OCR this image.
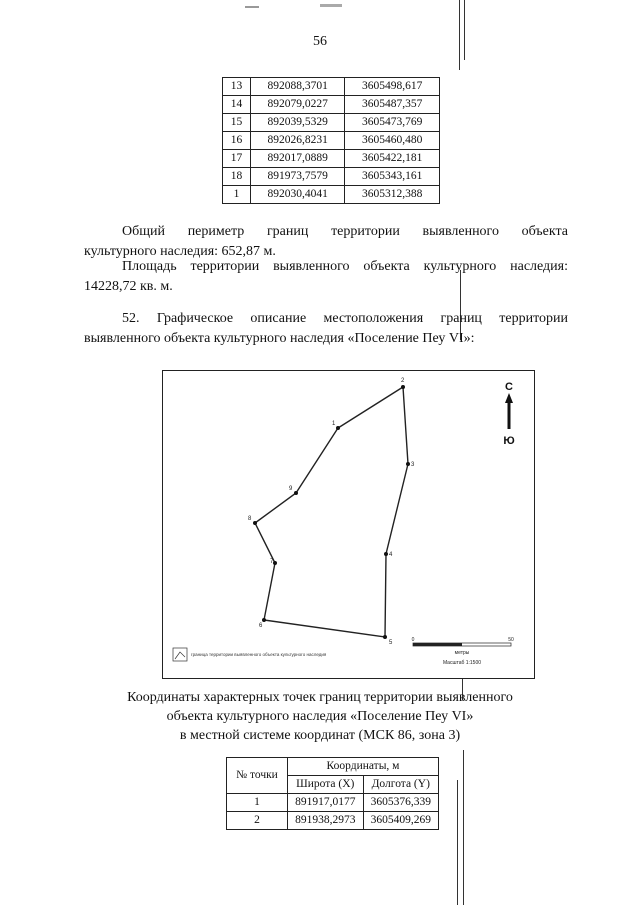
56
13	892088,3701	3605498,617
14	892079,0227	3605487,357
15	892039,5329	3605473,769
16	892026,8231	3605460,480
17	892017,0889	3605422,181
18	891973,7579	3605343,161
1	892030,4041	3605312,388
Общий периметр границ территории выявленного объекта
культурного наследия: 652,87 м.
Площадь территории выявленного объекта культурного наследия:
14228,72 кв. м.
52. Графическое описание местоположения границ территории
выявленного объекта культурного наследия «Поселение Пеу VI»:
1
2
3
4
5
6
7
8
9
С
Ю
граница территории выявленного объекта культурного наследия
0	50
метры
Масштаб 1:1500
Координаты характерных точек границ территории выявленного
объекта культурного наследия «Поселение Пеу VI»
в местной системе координат (МСК 86, зона 3)
№ точки	Координаты, м	
	Широта (X)	Долгота (Y)
1	891917,0177	3605376,339
2	891938,2973	3605409,269
